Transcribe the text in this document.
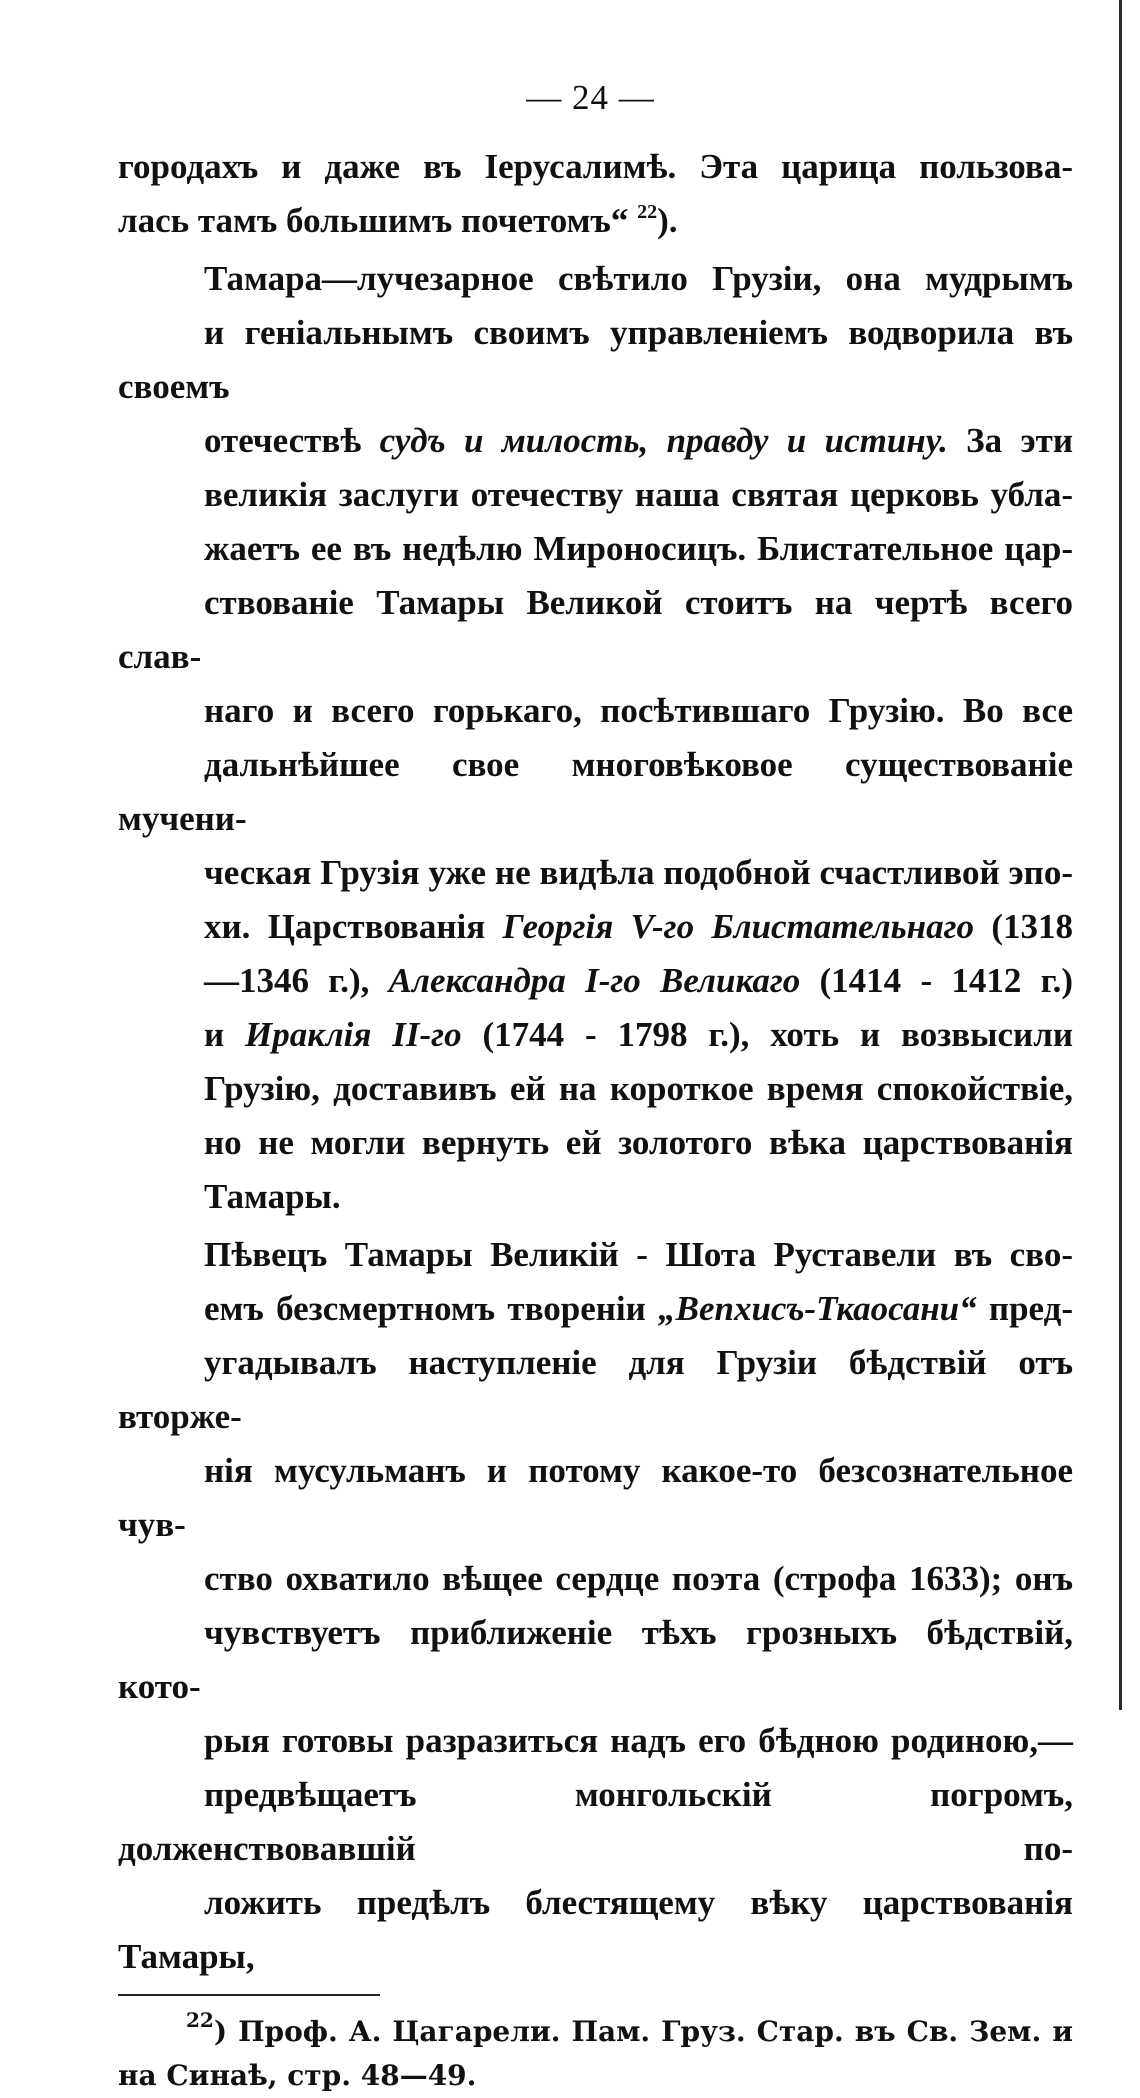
— 24 —

городахъ и даже въ Іерусалимѣ. Эта царица пользова-
лась тамъ большимъ почетомъ“ $^{22}$).

Тамара—лучезарное свѣтило Грузіи, она мудрымъ
и геніальнымъ своимъ управленіемъ водворила въ своемъ
отечествѣ судъ и милость, правду и истину. За эти
великія заслуги отечеству наша святая церковь убла-
жаетъ ее въ недѣлю Мироносицъ. Блистательное цар-
ствованіе Тамары Великой стоитъ на чертѣ всего слав-
наго и всего горькаго, посѣтившаго Грузію. Во все
дальнѣйшее свое многовѣковое существованіе мучени-
ческая Грузія уже не видѣла подобной счастливой эпо-
хи. Царствованія Георгія V-го Блистательнаго (1318
—1346 г.), Александра I-го Великаго (1414 - 1412 г.)
и Ираклія II-го (1744 - 1798 г.), хоть и возвысили
Грузію, доставивъ ей на короткое время спокойствіе,
но не могли вернуть ей золотого вѣка царствованія
Тамары.

Пѣвецъ Тамары Великій - Шота Руставели въ сво-
емъ безсмертномъ твореніи „Вепхисъ-Ткаосани“ пред-
угадывалъ наступленіе для Грузіи бѣдствій отъ вторже-
нія мусульманъ и потому какое-то безсознательное чув-
ство охватило вѣщее сердце поэта (строфа 1633); онъ
чувствуетъ приближеніе тѣхъ грозныхъ бѣдствій, кото-
рыя готовы разразиться надъ его бѣдною родиною,—
предвѣщаетъ монгольскій погромъ, долженствовавшій по-
ложить предѣлъ блестящему вѣку царствованія Тамары,

$^{22}$) Проф. А. Цагарели. Пам. Груз. Стар. въ Св. Зем. и
на Синаѣ, стр. 48—49.
